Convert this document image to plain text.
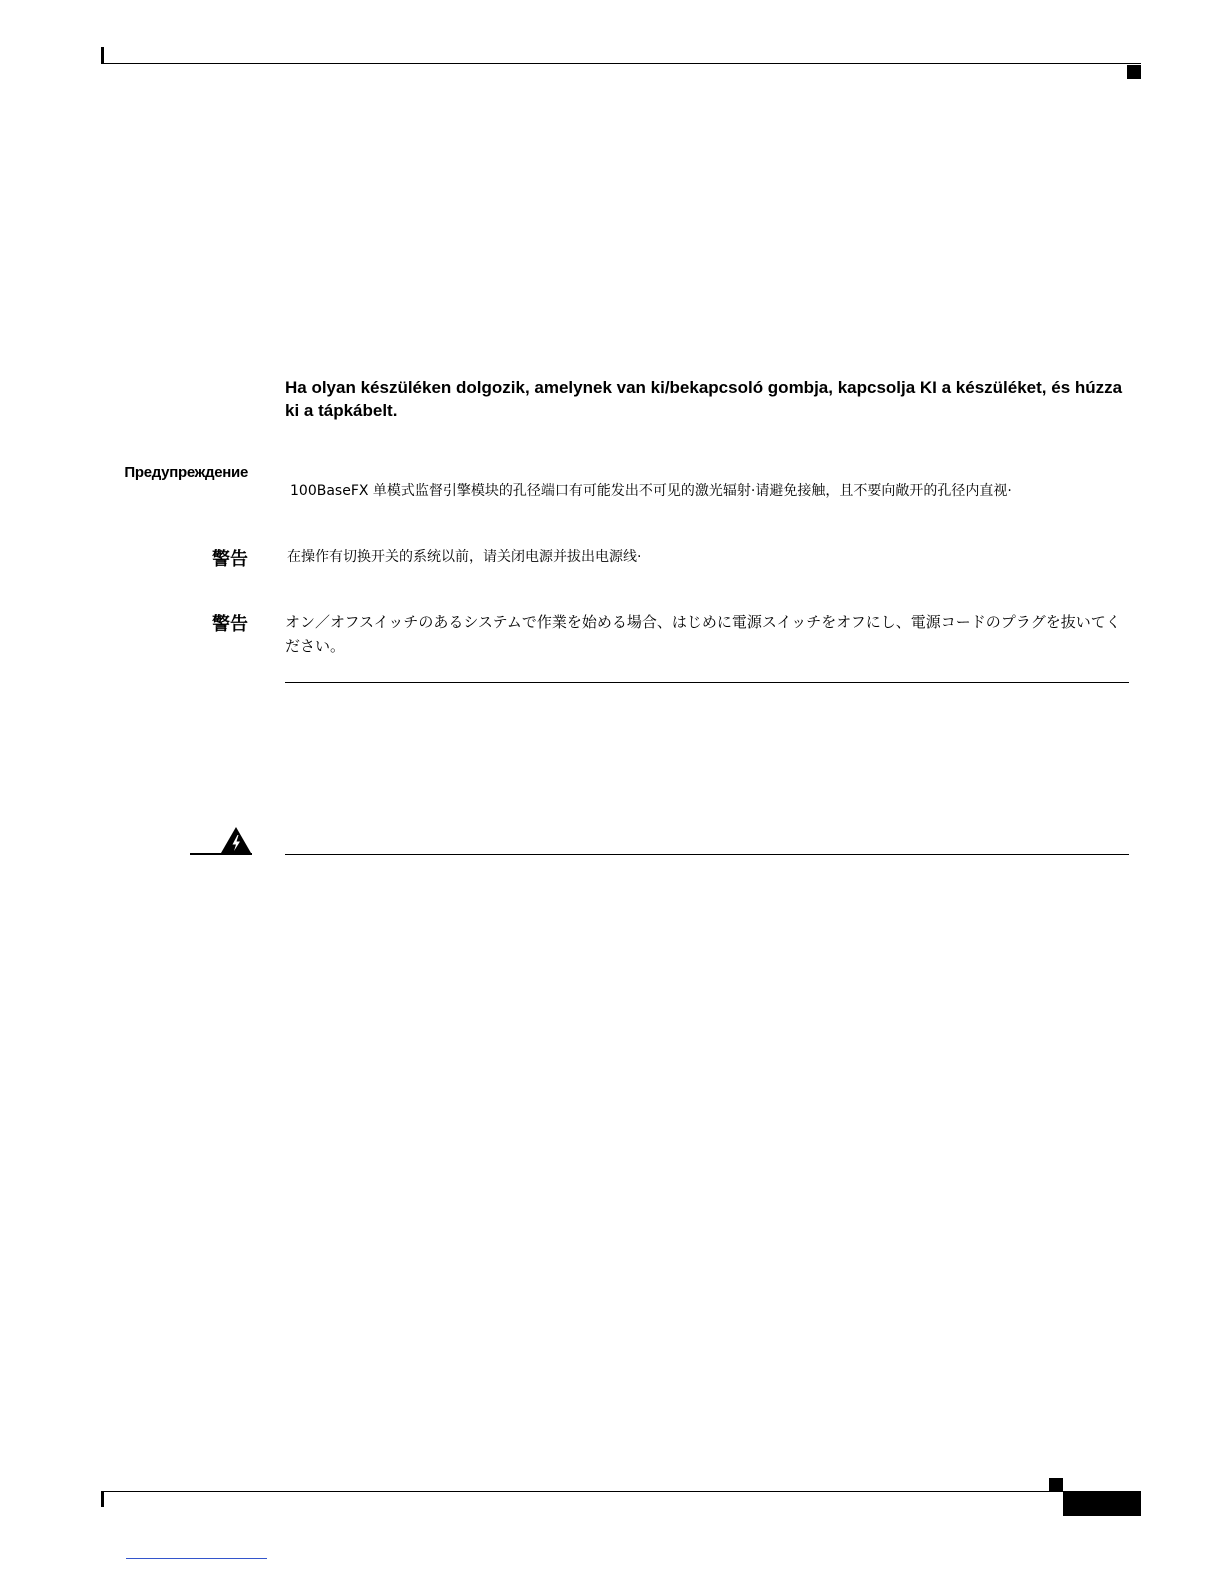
Ha olyan készüléken dolgozik, amelynek van ki/bekapcsoló gombja, kapcsolja KI a készüléket, és húzza ki a tápkábelt.
Предупреждение
100BaseFX 单模式监督引擎模块的孔径端口有可能发出不可见的激光辐射·请避免接触，且不要向敞开的孔径内直视·
警告	在操作有切换开关的系统以前，请关闭电源并拔出电源线·
警告 オン／オフスイッチのあるシステムで作業を始める場合、はじめに電源スイッチをオフにし、電源コードのプラグを抜いてください。
